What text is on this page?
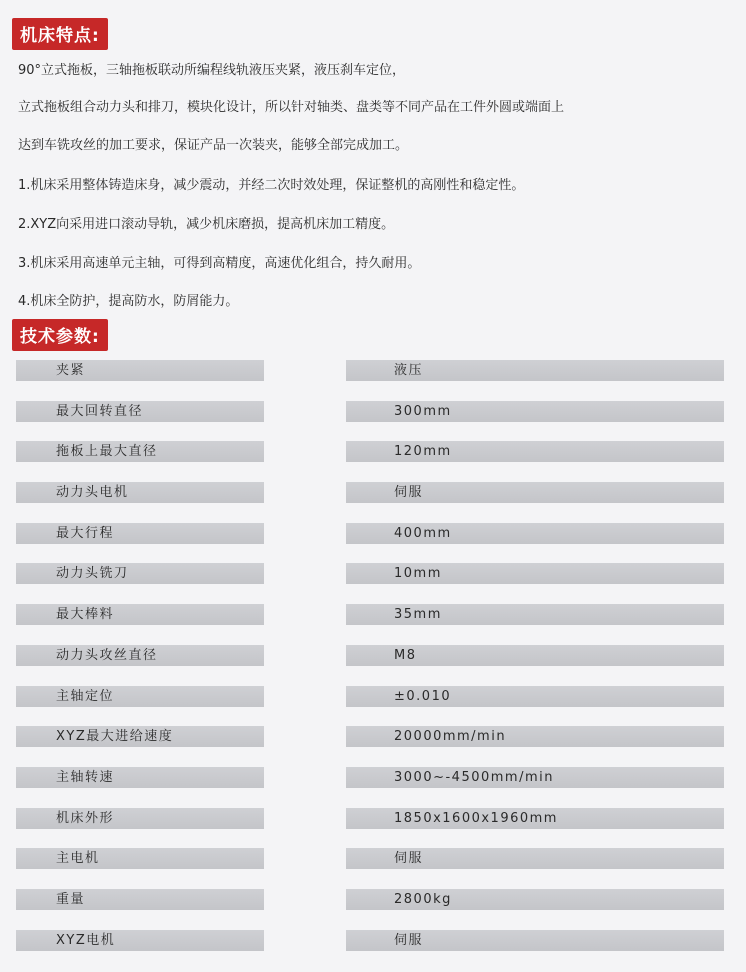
机床特点:
90°立式拖板，三轴拖板联动所编程线轨液压夹紧，液压刹车定位，
立式拖板组合动力头和排刀，模块化设计，所以针对轴类、盘类等不同产品在工件外圆或端面上
达到车铣攻丝的加工要求，保证产品一次装夹，能够全部完成加工。
1.机床采用整体铸造床身，减少震动，并经二次时效处理，保证整机的高刚性和稳定性。
2.XYZ向采用进口滚动导轨，减少机床磨损，提高机床加工精度。
3.机床采用高速单元主轴，可得到高精度，高速优化组合，持久耐用。
4.机床全防护，提高防水，防屑能力。
技术参数:
夹紧	液压
最大回转直径	300mm
拖板上最大直径	120mm
动力头电机	伺服
最大行程	400mm
动力头铣刀	10mm
最大棒料	35mm
动力头攻丝直径	M8
主轴定位	±0.010
XYZ最大进给速度	20000mm/min
主轴转速	3000~-4500mm/min
机床外形	1850x1600x1960mm
主电机	伺服
重量	2800kg
XYZ电机	伺服
